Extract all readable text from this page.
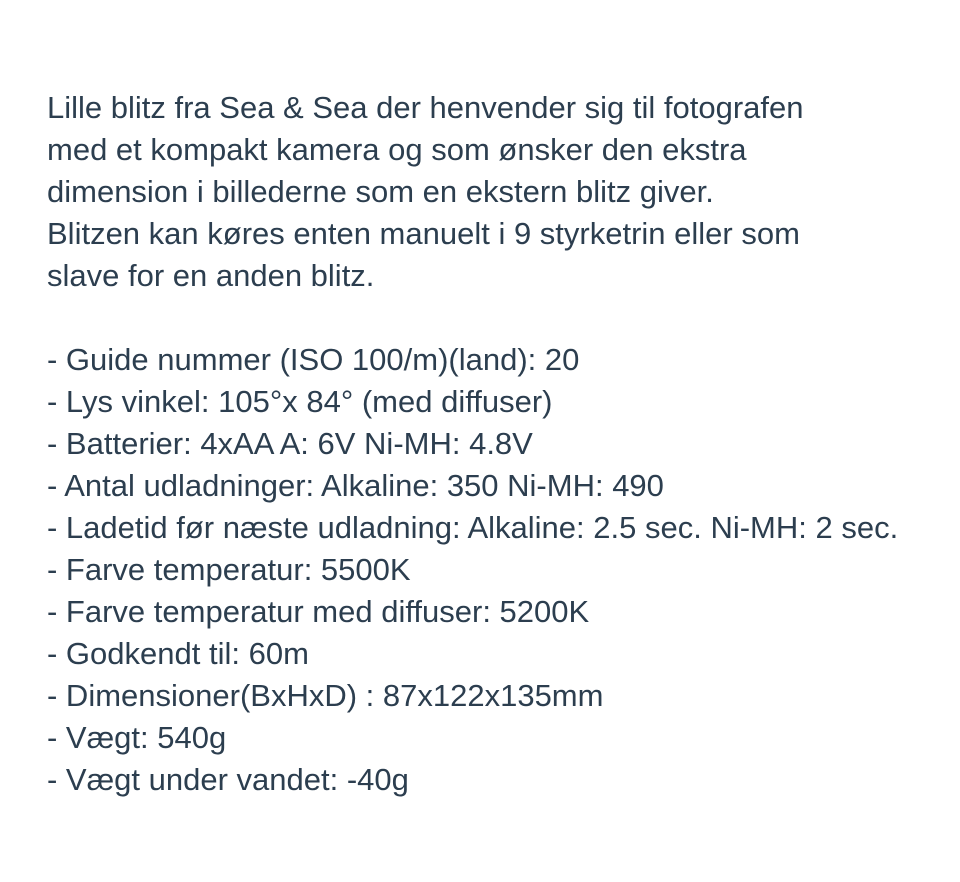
Lille blitz fra Sea & Sea der henvender sig til fotografen
med et kompakt kamera og som ønsker den ekstra
dimension i billederne som en ekstern blitz giver.
Blitzen kan køres enten manuelt i 9 styrketrin eller som
slave for en anden blitz.

- Guide nummer (ISO 100/m)(land): 20
- Lys vinkel: 105°x 84° (med diffuser)
- Batterier: 4xAA A: 6V Ni-MH: 4.8V
- Antal udladninger: Alkaline: 350 Ni-MH: 490
- Ladetid før næste udladning: Alkaline: 2.5 sec. Ni-MH: 2 sec.
- Farve temperatur: 5500K
- Farve temperatur med diffuser: 5200K
- Godkendt til: 60m
- Dimensioner(BxHxD) : 87x122x135mm
- Vægt: 540g
- Vægt under vandet: -40g
